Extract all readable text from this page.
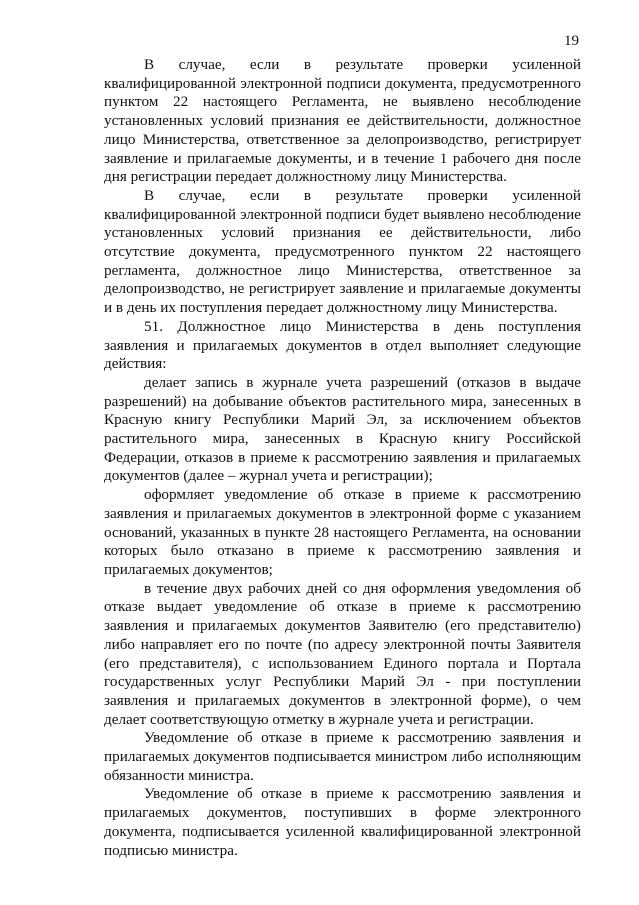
19

В случае, если в результате проверки усиленной квалифицированной электронной подписи документа, предусмотренного пунктом 22 настоящего Регламента, не выявлено несоблюдение установленных условий признания ее действительности, должностное лицо Министерства, ответственное за делопроизводство, регистрирует заявление и прилагаемые документы, и в течение 1 рабочего дня после дня регистрации передает должностному лицу Министерства.

В случае, если в результате проверки усиленной квалифицированной электронной подписи будет выявлено несоблюдение установленных условий признания ее действительности, либо отсутствие документа, предусмотренного пунктом 22 настоящего регламента, должностное лицо Министерства, ответственное за делопроизводство, не регистрирует заявление и прилагаемые документы и в день их поступления передает должностному лицу Министерства.

51. Должностное лицо Министерства в день поступления заявления и прилагаемых документов в отдел выполняет следующие действия:

делает запись в журнале учета разрешений (отказов в выдаче разрешений) на добывание объектов растительного мира, занесенных в Красную книгу Республики Марий Эл, за исключением объектов растительного мира, занесенных в Красную книгу Российской Федерации, отказов в приеме к рассмотрению заявления и прилагаемых документов (далее – журнал учета и регистрации);

оформляет уведомление об отказе в приеме к рассмотрению заявления и прилагаемых документов в электронной форме с указанием оснований, указанных в пункте 28 настоящего Регламента, на основании которых было отказано в приеме к рассмотрению заявления и прилагаемых документов;

в течение двух рабочих дней со дня оформления уведомления об отказе выдает уведомление об отказе в приеме к рассмотрению заявления и прилагаемых документов Заявителю (его представителю) либо направляет его по почте (по адресу электронной почты Заявителя (его представителя), с использованием Единого портала и Портала государственных услуг Республики Марий Эл - при поступлении заявления и прилагаемых документов в электронной форме), о чем делает соответствующую отметку в журнале учета и регистрации.

Уведомление об отказе в приеме к рассмотрению заявления и прилагаемых документов подписывается министром либо исполняющим обязанности министра.

Уведомление об отказе в приеме к рассмотрению заявления и прилагаемых документов, поступивших в форме электронного документа, подписывается усиленной квалифицированной электронной подписью министра.
